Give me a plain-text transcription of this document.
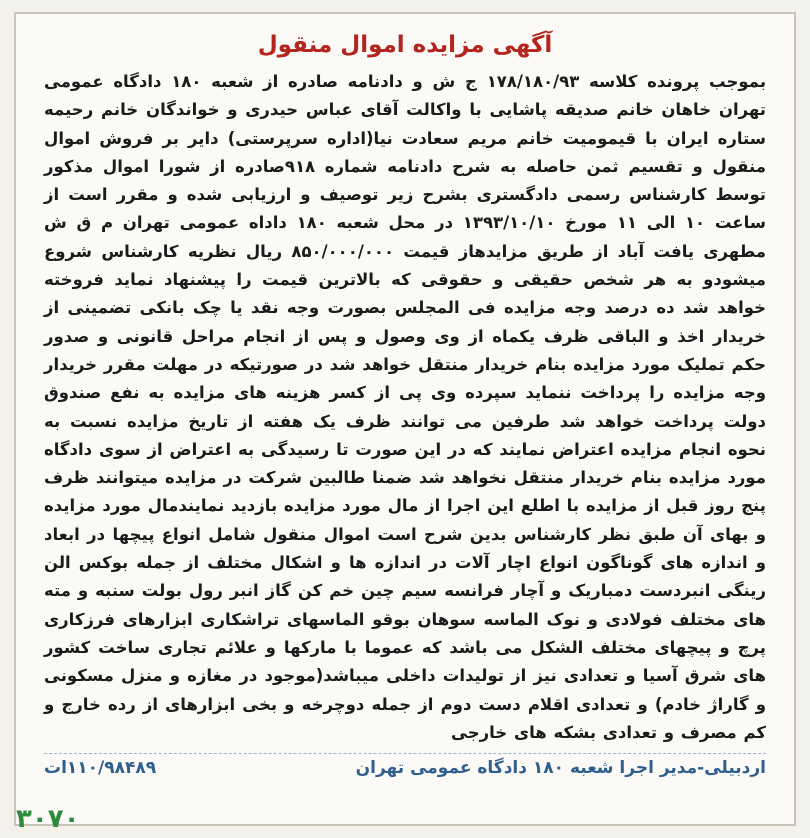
آگهی مزایده اموال منقول

بموجب پرونده کلاسه ۱۷۸/۱۸۰/۹۳ ج ش و دادنامه صادره از شعبه ۱۸۰ دادگاه عمومی تهران خاهان خانم صدیقه پاشایی با واکالت آقای عباس حیدری و خواندگان خانم رحیمه ستاره ایران با قیمومیت خانم مریم سعادت نیا(اداره سرپرستی) دایر بر فروش اموال منقول و تقسیم ثمن حاصله به شرح دادنامه شماره ۹۱۸صادره از شورا اموال مذکور توسط کارشناس رسمی دادگستری بشرح زیر توصیف و ارزیابی شده و مقرر است از ساعت ۱۰ الی ۱۱ مورخ ۱۳۹۳/۱۰/۱۰ در محل شعبه ۱۸۰ داداه عمومی تهران م ق ش مطهری یافت آباد از طریق مزایدهاز قیمت ۸۵۰/۰۰۰/۰۰۰ ریال نظریه کارشناس شروع میشودو به هر شخص حقیقی و حقوقی که بالاترین قیمت را پیشنهاد نماید فروخته خواهد شد ده درصد وجه مزایده فی المجلس بصورت وجه نقد یا چک بانکی تضمینی از خریدار اخذ و الباقی ظرف یکماه از وی وصول و پس از انجام مراحل قانونی و صدور حکم تملیک مورد مزایده بنام خریدار منتقل خواهد شد در صورتیکه در مهلت مقرر خریدار وجه مزایده را پرداخت ننماید سپرده وی پی از کسر هزینه های مزایده به نفع صندوق دولت پرداخت خواهد شد طرفین می توانند ظرف یک هفته از تاریخ مزایده نسبت به نحوه انجام مزایده اعتراض نمایند که در این صورت تا رسیدگی به اعتراض از سوی دادگاه مورد مزایده بنام خریدار منتقل نخواهد شد ضمنا طالبین شرکت در مزایده میتوانند ظرف پنج روز قبل از مزایده با اطلع این اجرا از مال مورد مزایده بازدید نمایندمال مورد مزایده و بهای آن طبق نظر کارشناس بدین شرح است اموال منقول شامل انواع پیچها در ابعاد و اندازه های گوناگون انواع اچار آلات در اندازه ها و اشکال مختلف از جمله بوکس الن رینگی انبردست دمباریک و آچار فرانسه سیم چین خم کن گاز انبر رول بولت سنبه و مته های مختلف فولادی و نوک الماسه سوهان بوقو الماسهای تراشکاری ابزارهای فرزکاری پرچ و پیچهای مختلف الشکل می باشد که عموما با مارکها و علائم تجاری ساخت کشور های شرق آسیا و تعدادی نیز از تولیدات داخلی میباشد(موجود در مغازه و منزل مسکونی و گاراژ خادم) و تعدادی اقلام دست دوم از جمله دوچرخه و بخی ابزارهای از رده خارج و کم مصرف و تعدادی بشکه های خارجی

اردبیلی-مدیر اجرا شعبه ۱۸۰ دادگاه عمومی تهران
۱۱۰/۹۸۴۸۹ات
۳۰۷۰
